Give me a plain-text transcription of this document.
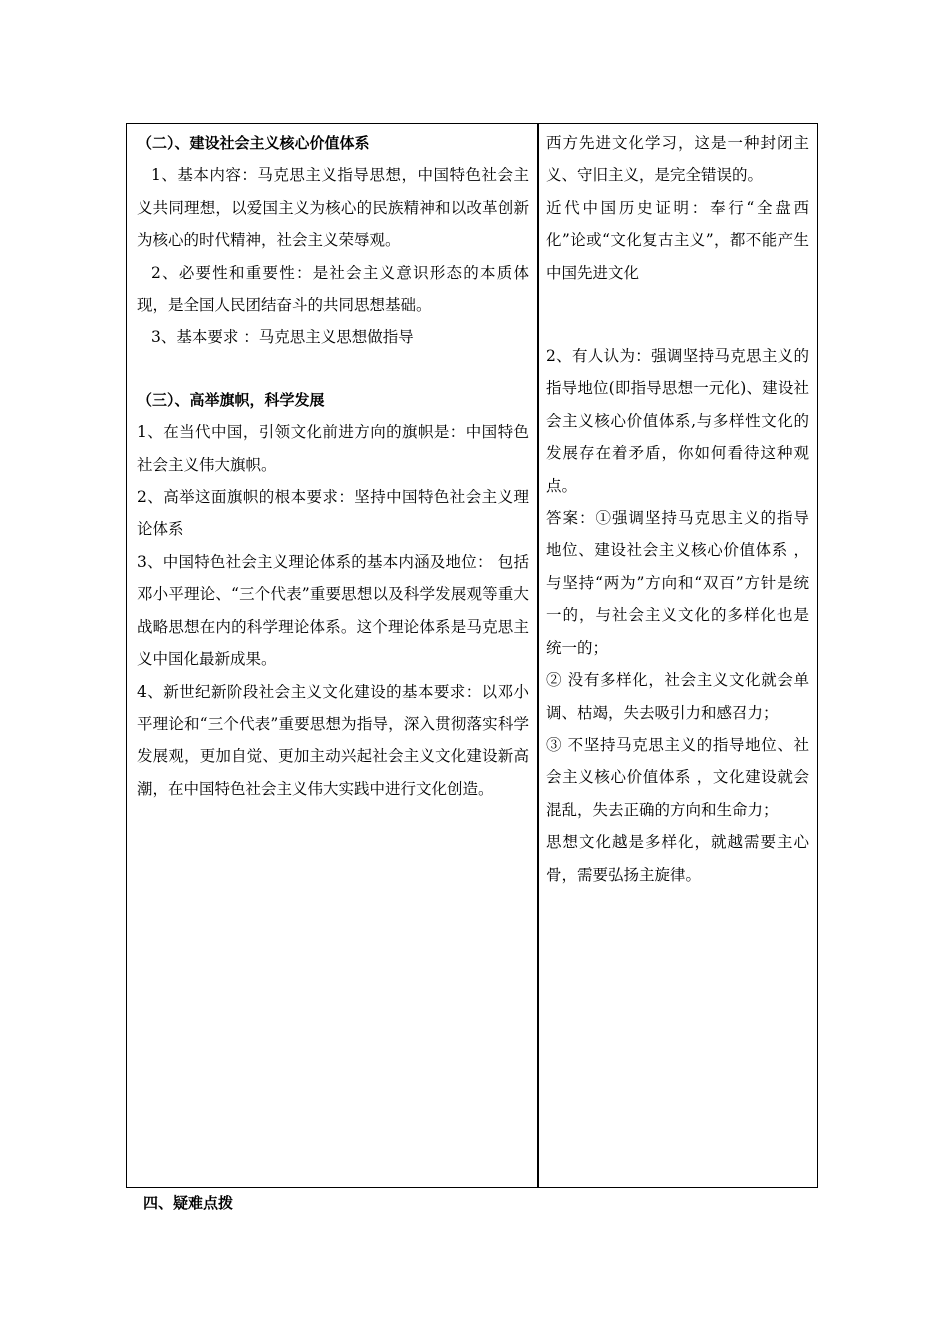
（二）、建设社会主义核心价值体系

1、基本内容：马克思主义指导思想，中国特色社会主义共同理想，以爱国主义为核心的民族精神和以改革创新为核心的时代精神，社会主义荣辱观。

2、必要性和重要性：是社会主义意识形态的本质体现，是全国人民团结奋斗的共同思想基础。

3、基本要求 ：马克思主义思想做指导

（三）、高举旗帜，科学发展

1、在当代中国，引领文化前进方向的旗帜是：中国特色社会主义伟大旗帜。

2、高举这面旗帜的根本要求：坚持中国特色社会主义理论体系

3、中国特色社会主义理论体系的基本内涵及地位： 包括邓小平理论、“三个代表”重要思想以及科学发展观等重大战略思想在内的科学理论体系。这个理论体系是马克思主义中国化最新成果。

4、新世纪新阶段社会主义文化建设的基本要求：以邓小平理论和“三个代表”重要思想为指导，深入贯彻落实科学发展观，更加自觉、更加主动兴起社会主义文化建设新高潮，在中国特色社会主义伟大实践中进行文化创造。

西方先进文化学习，这是一种封闭主义、守旧主义，是完全错误的。

近代中国历史证明：奉行“全盘西化”论或“文化复古主义”，都不能产生中国先进文化

2、有人认为：强调坚持马克思主义的指导地位(即指导思想一元化)、建设社会主义核心价值体系,与多样性文化的发展存在着矛盾，你如何看待这种观点。

答案：①强调坚持马克思主义的指导地位、建设社会主义核心价值体系 ，与坚持“两为”方向和“双百”方针是统一的，与社会主义文化的多样化也是统一的；

② 没有多样化，社会主义文化就会单调、枯竭，失去吸引力和感召力；

③ 不坚持马克思主义的指导地位、社会主义核心价值体系 ，文化建设就会混乱，失去正确的方向和生命力；

思想文化越是多样化，就越需要主心骨，需要弘扬主旋律。

四、疑难点拨
